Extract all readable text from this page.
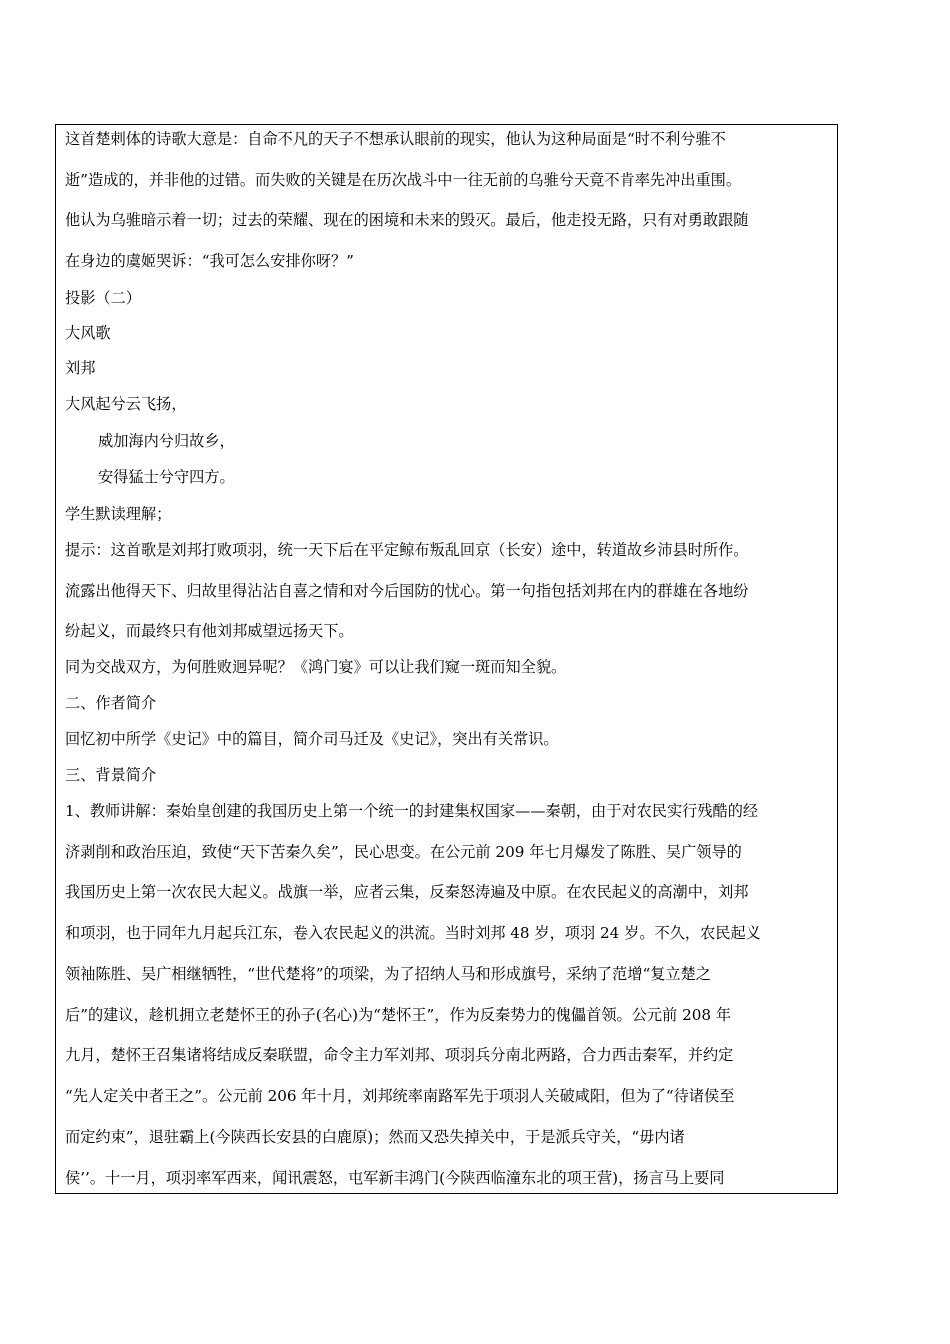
这首楚剌体的诗歌大意是：自命不凡的天子不想承认眼前的现实，他认为这种局面是“时不利兮骓不
逝”造成的，并非他的过错。而失败的关键是在历次战斗中一往无前的乌骓兮天竟不肯率先冲出重围。
他认为乌骓暗示着一切；过去的荣耀、现在的困境和未来的毁灭。最后，他走投无路，只有对勇敢跟随
在身边的虞姬哭诉：“我可怎么安排你呀？”
投影（二）
大风歌
刘邦
大风起兮云飞扬，
威加海内兮归故乡，
安得猛士兮守四方。
学生默读理解；
提示：这首歌是刘邦打败项羽，统一天下后在平定鲸布叛乱回京（长安）途中，转道故乡沛县时所作。
流露出他得天下、归故里得沾沾自喜之情和对今后国防的忧心。第一句指包括刘邦在内的群雄在各地纷
纷起义，而最终只有他刘邦威望远扬天下。
同为交战双方，为何胜败迥异呢？《鸿门宴》可以让我们窥一斑而知全貌。
二、作者简介
回忆初中所学《史记》中的篇目，简介司马迁及《史记》，突出有关常识。
三、背景简介
1、教师讲解：秦始皇创建的我国历史上第一个统一的封建集权国家——秦朝，由于对农民实行残酷的经
济剥削和政治压迫，致使“天下苦秦久矣”，民心思变。在公元前 209 年七月爆发了陈胜、吴广领导的
我国历史上第一次农民大起义。战旗一举，应者云集，反秦怒涛遍及中原。在农民起义的高潮中，刘邦
和项羽，也于同年九月起兵江东，卷入农民起义的洪流。当时刘邦 48 岁，项羽 24 岁。不久，农民起义
领袖陈胜、吴广相继牺牲，“世代楚将”的项梁，为了招纳人马和形成旗号，采纳了范增“复立楚之
后”的建议，趁机拥立老楚怀王的孙子(名心)为“楚怀王”，作为反秦势力的傀儡首领。公元前 208 年
九月，楚怀王召集诸将结成反秦联盟，命令主力军刘邦、项羽兵分南北两路，合力西击秦军，并约定
“先人定关中者王之”。公元前 206 年十月，刘邦统率南路军先于项羽人关破咸阳，但为了“待诸侯至
而定约束”，退驻霸上(今陕西长安县的白鹿原)；然而又恐失掉关中，于是派兵守关，“毋内诸
侯’’。十一月，项羽率军西来，闻讯震怒，屯军新丰鸿门(今陕西临潼东北的项王营)，扬言马上要同
